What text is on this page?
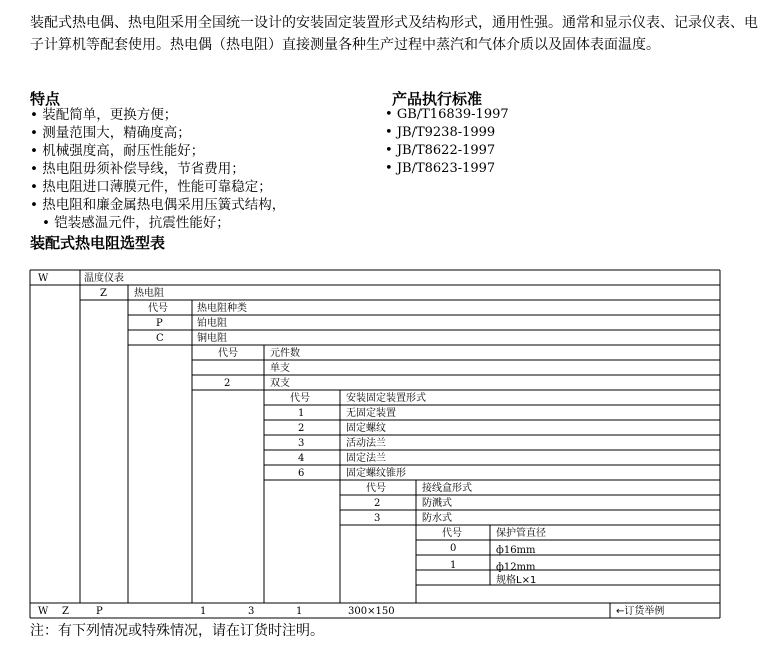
装配式热电偶、热电阻采用全国统一设计的安装固定装置形式及结构形式，通用性强。通常和显示仪表、记录仪表、电子计算机等配套使用。热电偶（热电阻）直接测量各种生产过程中蒸汽和气体介质以及固体表面温度。
特点
• 装配简单，更换方便；
• 测量范围大，精确度高；
• 机械强度高，耐压性能好；
• 热电阻毋须补偿导线，节省费用；
• 热电阻进口薄膜元件，性能可靠稳定；
• 热电阻和廉金属热电偶采用压簧式结构，
• 铠装感温元件，抗震性能好；
产品执行标准
• GB/T16839-1997
• JB/T9238-1999
• JB/T8622-1997
• JB/T8623-1997
装配式热电阻选型表
W	温度仪表
Z	热电阻
代号	热电阻种类
P	铂电阻
C	铜电阻
代号	元件数
单支
2	双支
代号	安装固定装置形式
1	无固定装置
2	固定螺纹
3	活动法兰
4	固定法兰
6	固定螺纹锥形
代号	接线盒形式
2	防溅式
3	防水式
代号	保护管直径
0	ф16mm
1	ф12mm
规格L×1
W Z	P	1	3	1	300×150	←订货举例
注：有下列情况或特殊情况，请在订货时注明。
